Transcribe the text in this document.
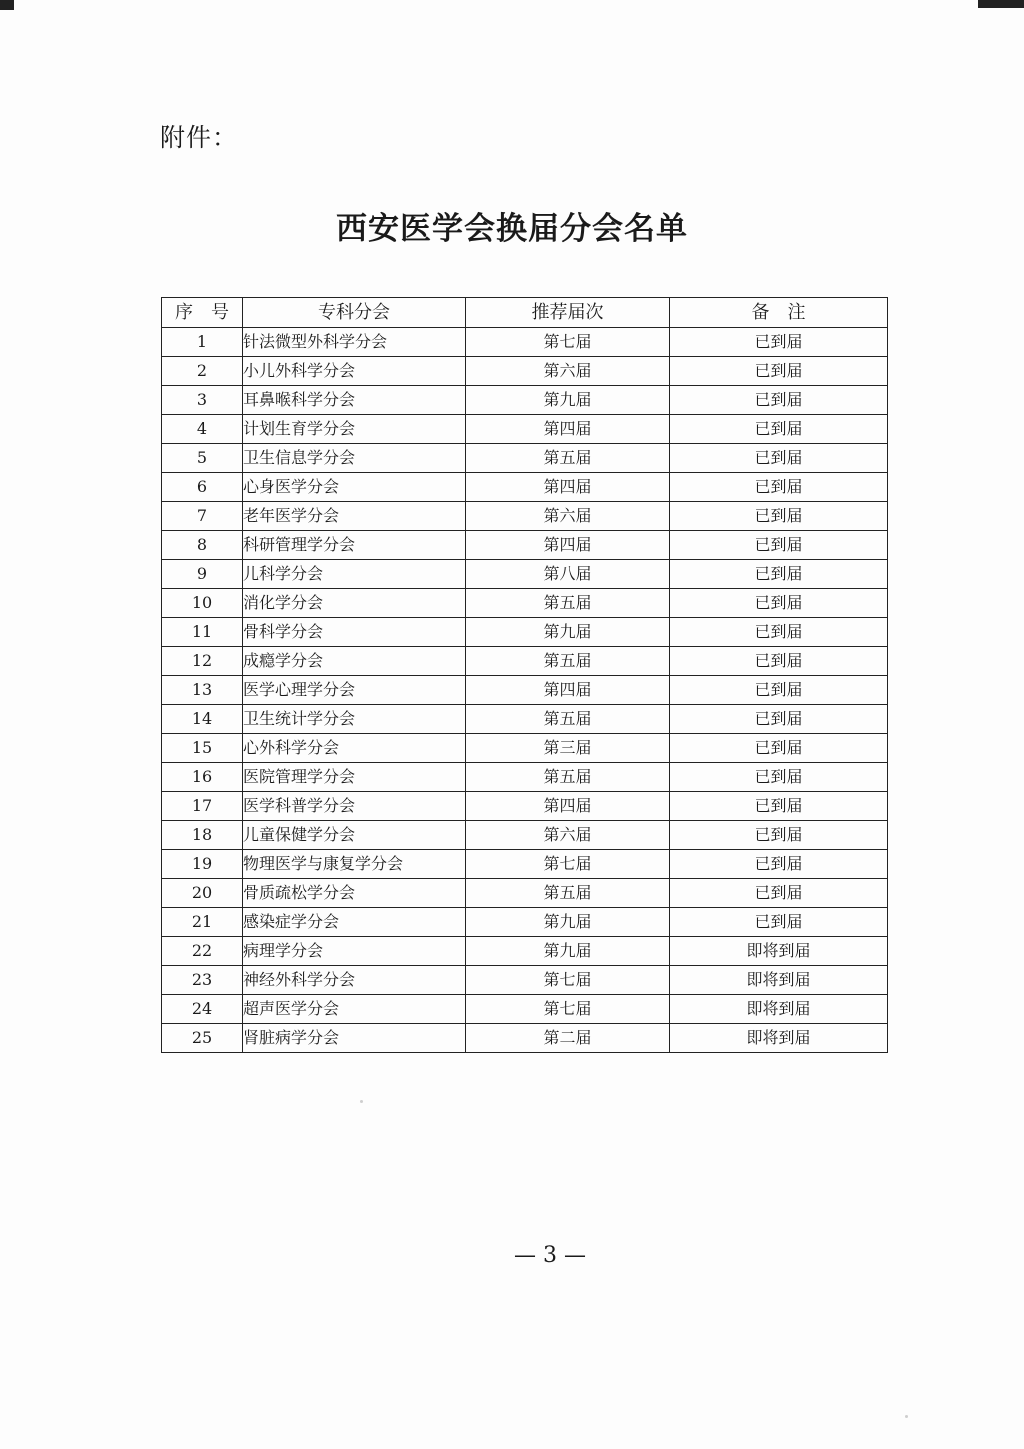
附件：
西安医学会换届分会名单
序　号	专科分会	推荐届次	备　注
1	针法微型外科学分会	第七届	已到届
2	小儿外科学分会	第六届	已到届
3	耳鼻喉科学分会	第九届	已到届
4	计划生育学分会	第四届	已到届
5	卫生信息学分会	第五届	已到届
6	心身医学分会	第四届	已到届
7	老年医学分会	第六届	已到届
8	科研管理学分会	第四届	已到届
9	儿科学分会	第八届	已到届
10	消化学分会	第五届	已到届
11	骨科学分会	第九届	已到届
12	成瘾学分会	第五届	已到届
13	医学心理学分会	第四届	已到届
14	卫生统计学分会	第五届	已到届
15	心外科学分会	第三届	已到届
16	医院管理学分会	第五届	已到届
17	医学科普学分会	第四届	已到届
18	儿童保健学分会	第六届	已到届
19	物理医学与康复学分会	第七届	已到届
20	骨质疏松学分会	第五届	已到届
21	感染症学分会	第九届	已到届
22	病理学分会	第九届	即将到届
23	神经外科学分会	第七届	即将到届
24	超声医学分会	第七届	即将到届
25	肾脏病学分会	第二届	即将到届
— 3 —
